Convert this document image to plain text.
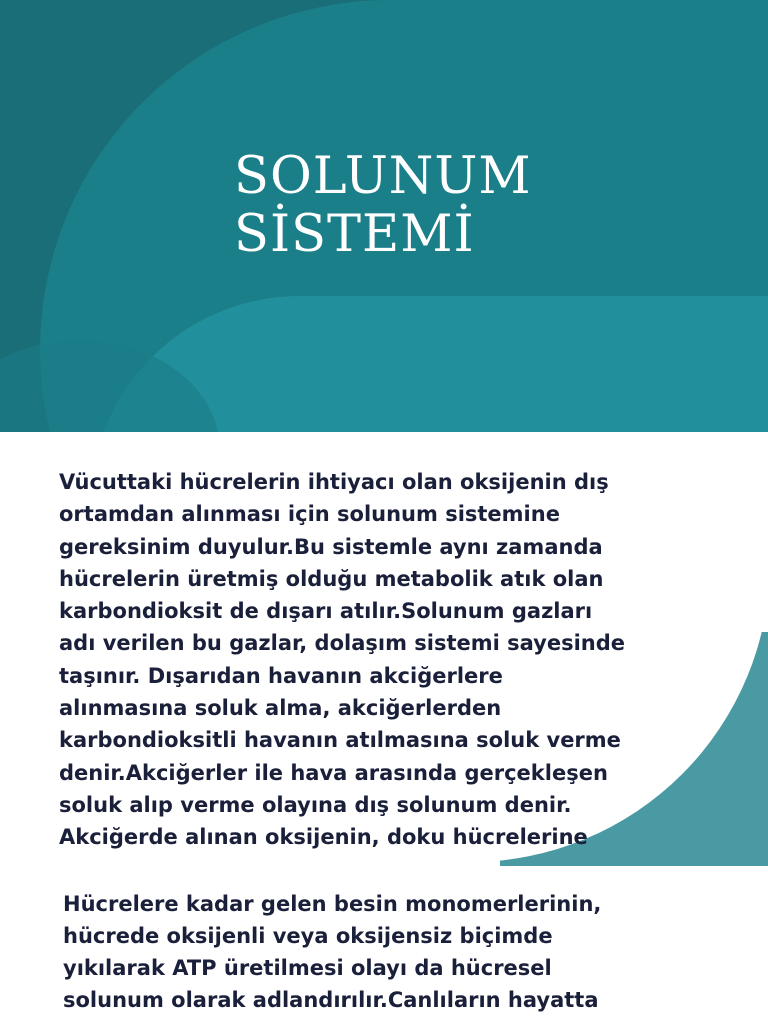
SOLUNUM
SİSTEMİ

Vücuttaki hücrelerin ihtiyacı olan oksijenin dış
ortamdan alınması için solunum sistemine
gereksinim duyulur.Bu sistemle aynı zamanda
hücrelerin üretmiş olduğu metabolik atık olan
karbondioksit de dışarı atılır.Solunum gazları
adı verilen bu gazlar, dolaşım sistemi sayesinde
taşınır. Dışarıdan havanın akciğerlere
alınmasına soluk alma, akciğerlerden
karbondioksitli havanın atılmasına soluk verme
denir.Akciğerler ile hava arasında gerçekleşen
soluk alıp verme olayına dış solunum denir.
Akciğerde alınan oksijenin, doku hücrelerine

Hücrelere kadar gelen besin monomerlerinin,
hücrede oksijenli veya oksijensiz biçimde
yıkılarak ATP üretilmesi olayı da hücresel
solunum olarak adlandırılır.Canlıların hayatta
